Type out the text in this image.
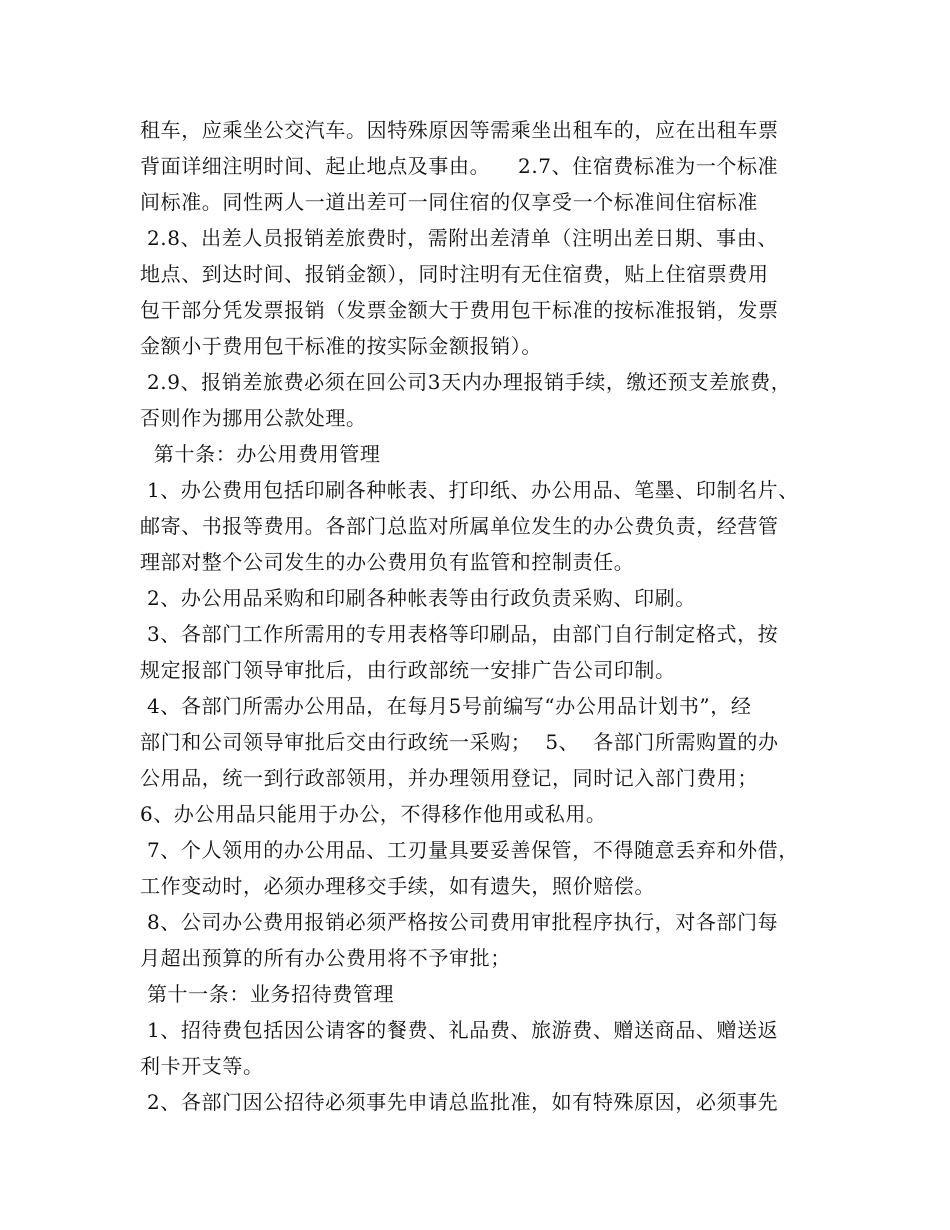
租车，应乘坐公交汽车。因特殊原因等需乘坐出租车的，应在出租车票
背面详细注明时间、起止地点及事由。    2.7、住宿费标准为一个标准
间标准。同性两人一道出差可一同住宿的仅享受一个标准间住宿标准
2.8、出差人员报销差旅费时，需附出差清单（注明出差日期、事由、
地点、到达时间、报销金额），同时注明有无住宿费，贴上住宿票费用
包干部分凭发票报销（发票金额大于费用包干标准的按标准报销，发票
金额小于费用包干标准的按实际金额报销）。
2.9、报销差旅费必须在回公司3天内办理报销手续，缴还预支差旅费，
否则作为挪用公款处理。
第十条：办公用费用管理
1、办公费用包括印刷各种帐表、打印纸、办公用品、笔墨、印制名片、
邮寄、书报等费用。各部门总监对所属单位发生的办公费负责，经营管
理部对整个公司发生的办公费用负有监管和控制责任。
2、办公用品采购和印刷各种帐表等由行政负责采购、印刷。
3、各部门工作所需用的专用表格等印刷品，由部门自行制定格式，按
规定报部门领导审批后，由行政部统一安排广告公司印制。
4、各部门所需办公用品，在每月5号前编写“办公用品计划书”，经
部门和公司领导审批后交由行政统一采购；  5、  各部门所需购置的办
公用品，统一到行政部领用，并办理领用登记，同时记入部门费用；
6、办公用品只能用于办公，不得移作他用或私用。
7、个人领用的办公用品、工刃量具要妥善保管，不得随意丢弃和外借，
工作变动时，必须办理移交手续，如有遗失，照价赔偿。
8、公司办公费用报销必须严格按公司费用审批程序执行，对各部门每
月超出预算的所有办公费用将不予审批；
第十一条：业务招待费管理
1、招待费包括因公请客的餐费、礼品费、旅游费、赠送商品、赠送返
利卡开支等。
2、各部门因公招待必须事先申请总监批准，如有特殊原因，必须事先
